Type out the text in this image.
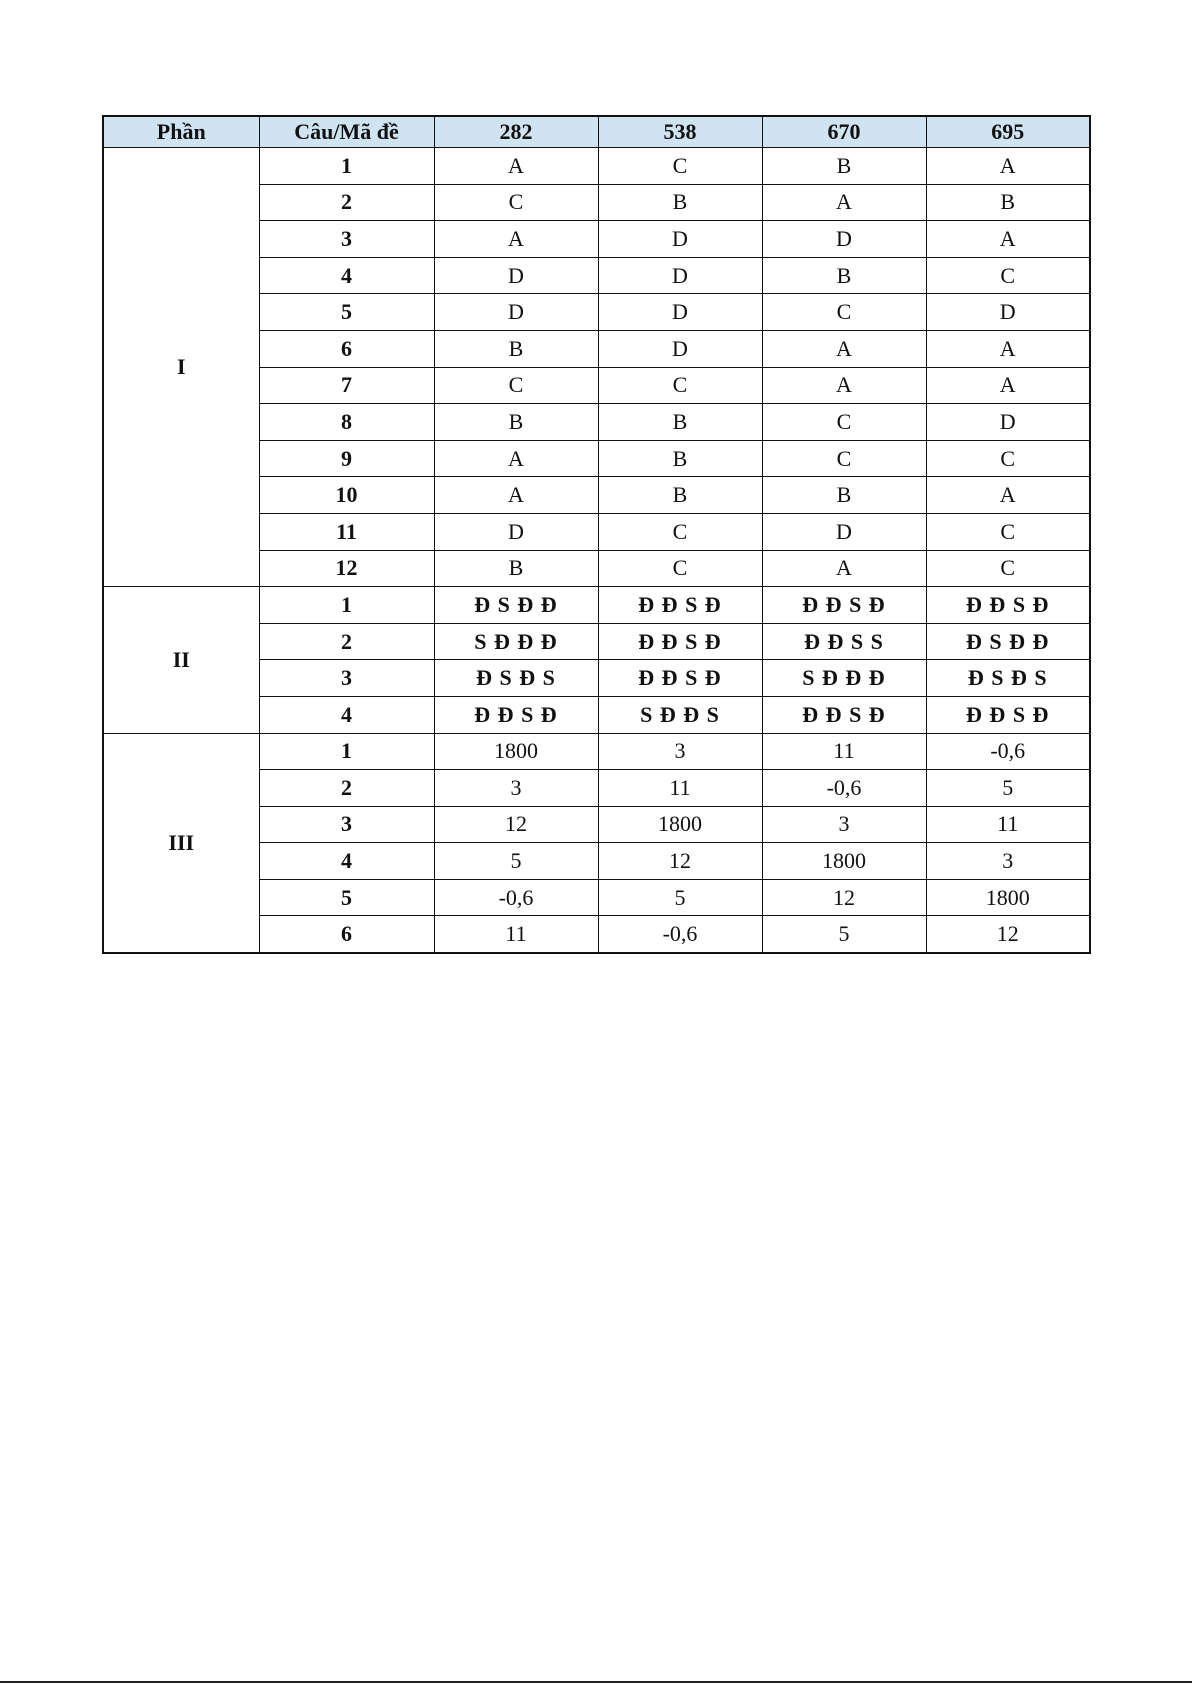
Phần	Câu/Mã đề	282	538	670	695
I	1	A	C	B	A
	2	C	B	A	B
	3	A	D	D	A
	4	D	D	B	C
	5	D	D	C	D
	6	B	D	A	A
	7	C	C	A	A
	8	B	B	C	D
	9	A	B	C	C
	10	A	B	B	A
	11	D	C	D	C
	12	B	C	A	C
II	1	Đ S Đ Đ	Đ Đ S Đ	Đ Đ S Đ	Đ Đ S Đ
	2	S Đ Đ Đ	Đ Đ S Đ	Đ Đ S S	Đ S Đ Đ
	3	Đ S Đ S	Đ Đ S Đ	S Đ Đ Đ	Đ S Đ S
	4	Đ Đ S Đ	S Đ Đ S	Đ Đ S Đ	Đ Đ S Đ
III	1	1800	3	11	-0,6
	2	3	11	-0,6	5
	3	12	1800	3	11
	4	5	12	1800	3
	5	-0,6	5	12	1800
	6	11	-0,6	5	12
